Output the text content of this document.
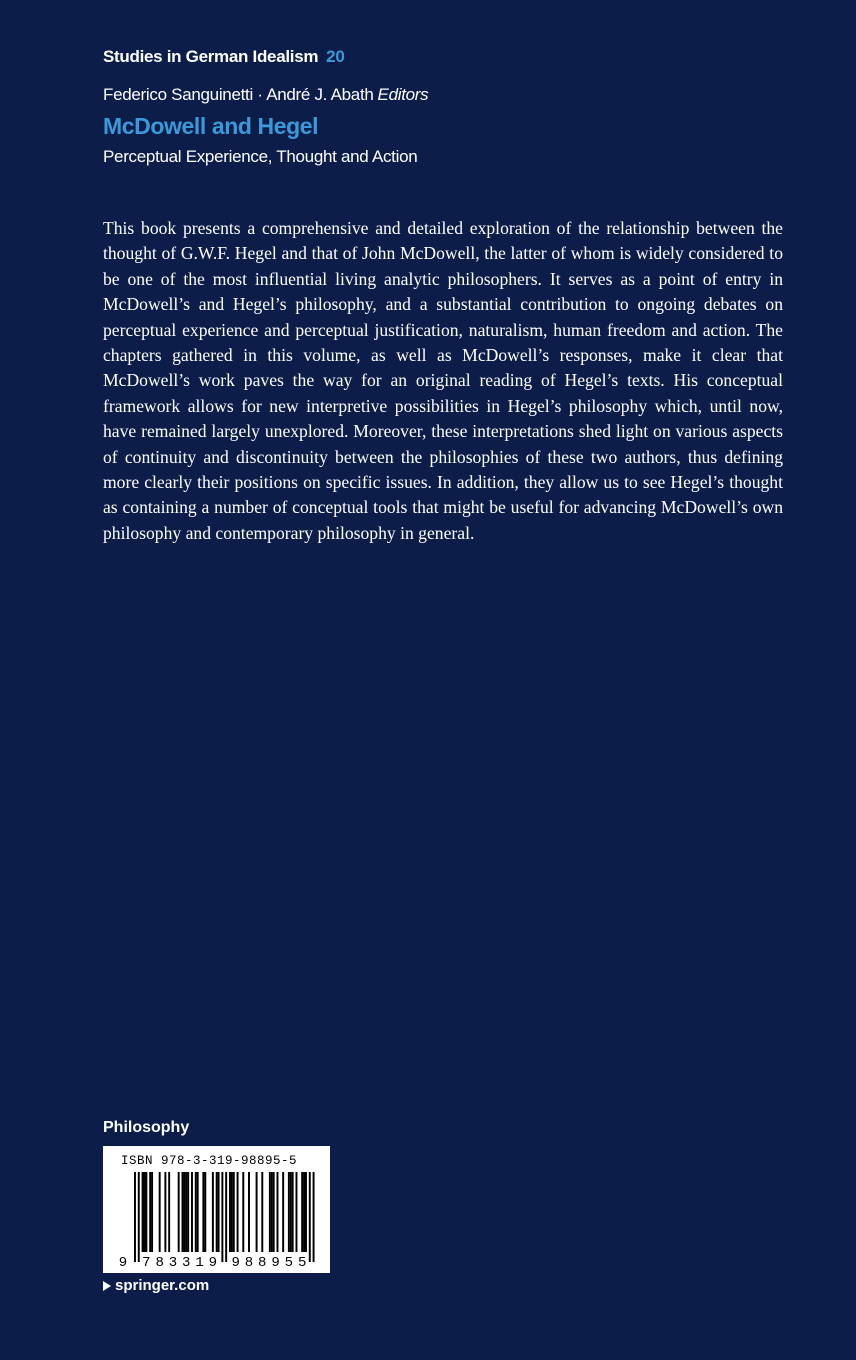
Studies in German Idealism 20
Federico Sanguinetti · André J. Abath Editors
McDowell and Hegel
Perceptual Experience, Thought and Action

This book presents a comprehensive and detailed exploration of the relationship between the thought of G.W.F. Hegel and that of John McDowell, the latter of whom is widely considered to be one of the most influential living analytic philosophers. It serves as a point of entry in McDowell’s and Hegel’s philosophy, and a substantial contribution to ongoing debates on perceptual experience and perceptual justification, naturalism, human freedom and action. The chapters gathered in this volume, as well as McDowell’s responses, make it clear that McDowell’s work paves the way for an original reading of Hegel’s texts. His conceptual framework allows for new interpretive possibilities in Hegel’s philosophy which, until now, have remained largely unexplored. Moreover, these interpretations shed light on various aspects of continuity and discontinuity between the philosophies of these two authors, thus defining more clearly their positions on specific issues. In addition, they allow us to see Hegel’s thought as containing a number of conceptual tools that might be useful for advancing McDowell’s own philosophy and contemporary philosophy in general.

Philosophy
ISBN 978-3-319-98895-5
9 7 8 3 3 1 9 9 8 8 9 5 5
springer.com
